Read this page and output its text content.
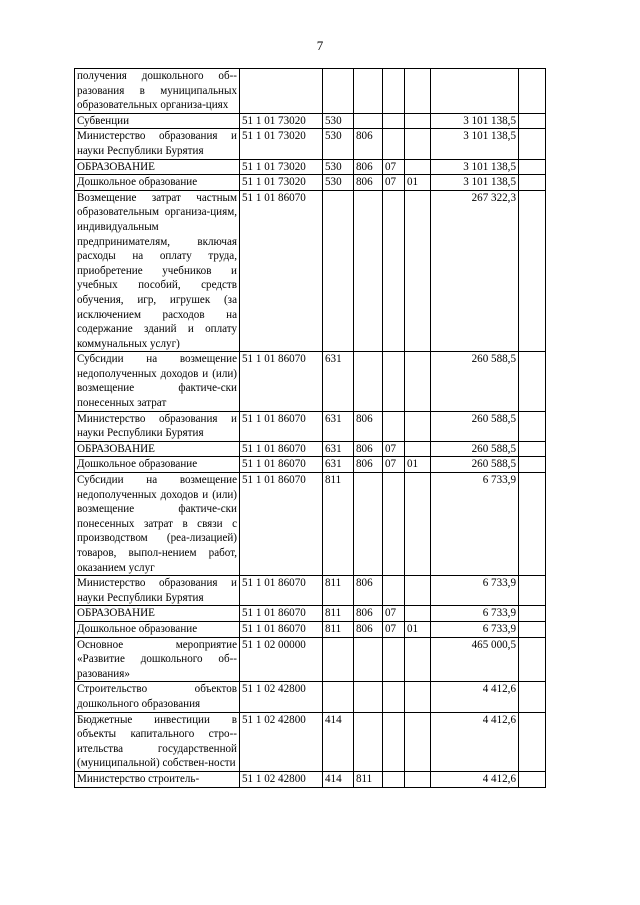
7
получения дошкольного об-разования в муниципальных образовательных организа-циях							
Субвенции	51 1 01 73020	530				3 101 138,5	
Министерство образования и науки Республики Бурятия	51 1 01 73020	530	806			3 101 138,5	
ОБРАЗОВАНИЕ	51 1 01 73020	530	806	07		3 101 138,5	
Дошкольное образование	51 1 01 73020	530	806	07	01	3 101 138,5	
Возмещение затрат частным образовательным организа-циям, индивидуальным предпринимателям, включая расходы на оплату труда, приобретение учебников и учебных пособий, средств обучения, игр, игрушек (за исключением расходов на содержание зданий и оплату коммунальных услуг)	51 1 01 86070					267 322,3	
Субсидии на возмещение недополученных доходов и (или) возмещение фактиче-ски понесенных затрат	51 1 01 86070	631				260 588,5	
Министерство образования и науки Республики Бурятия	51 1 01 86070	631	806			260 588,5	
ОБРАЗОВАНИЕ	51 1 01 86070	631	806	07		260 588,5	
Дошкольное образование	51 1 01 86070	631	806	07	01	260 588,5	
Субсидии на возмещение недополученных доходов и (или) возмещение фактиче-ски понесенных затрат в связи с производством (реа-лизацией) товаров, выпол-нением работ, оказанием услуг	51 1 01 86070	811				6 733,9	
Министерство образования и науки Республики Бурятия	51 1 01 86070	811	806			6 733,9	
ОБРАЗОВАНИЕ	51 1 01 86070	811	806	07		6 733,9	
Дошкольное образование	51 1 01 86070	811	806	07	01	6 733,9	
Основное мероприятие «Развитие дошкольного об-разования»	51 1 02 00000					465 000,5	
Строительство объектов дошкольного образования	51 1 02 42800					4 412,6	
Бюджетные инвестиции в объекты капитального стро-ительства государственной (муниципальной) собствен-ности	51 1 02 42800	414				4 412,6	
Министерство строитель-	51 1 02 42800	414	811			4 412,6	
